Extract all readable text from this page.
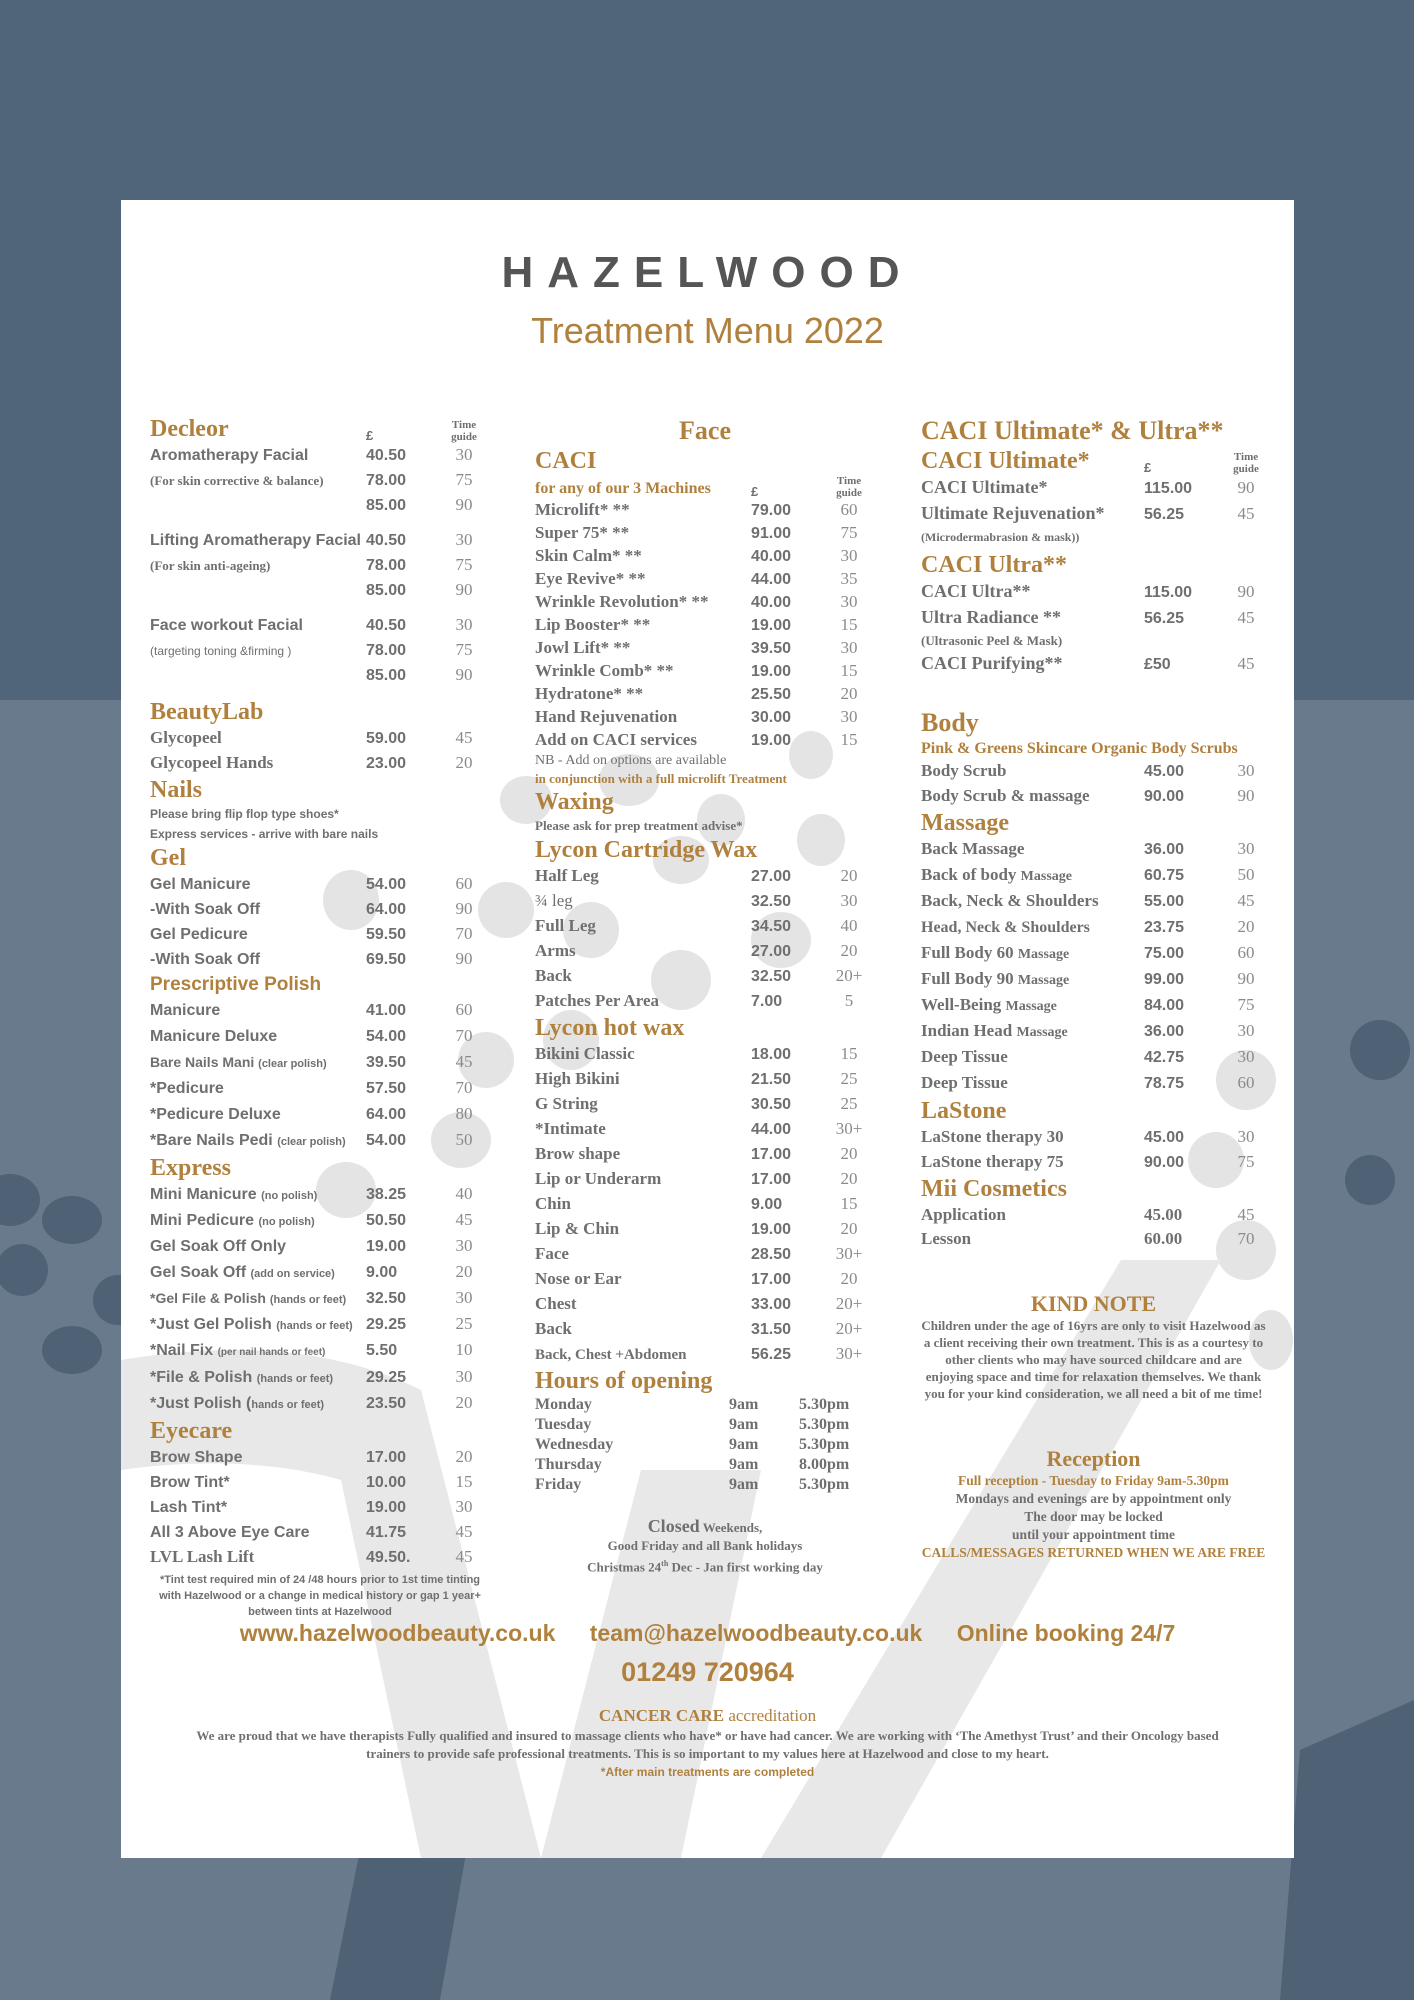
HAZELWOOD
Treatment Menu 2022
Decleor	£
Time
guide
Aromatherapy Facial	40.50	30
(For skin corrective & balance)	78.00	75
85.00	90
Lifting Aromatherapy Facial 40.50	30
(For skin anti-ageing)	78.00	75
85.00	90
Face workout Facial	40.50	30
(targeting toning &firming )	78.00	75
85.00	90
BeautyLab
Glycopeel	59.00	45
Glycopeel Hands	23.00	20
Nails
Please bring flip flop type shoes*
Express services - arrive with bare nails
Gel
Gel Manicure	54.00	60
-With Soak Off	64.00	90
Gel Pedicure	59.50	70
-With Soak Off	69.50	90
Prescriptive Polish
Manicure	41.00	60
Manicure Deluxe	54.00	70
Bare Nails Mani (clear polish)	39.50	45
*Pedicure	57.50	70
*Pedicure Deluxe	64.00	80
*Bare Nails Pedi (clear polish)	54.00	50
Express
Mini Manicure (no polish)	38.25	40
Mini Pedicure (no polish)	50.50	45
Gel Soak Off Only	19.00	30
Gel Soak Off (add on service)	9.00	20
*Gel File & Polish (hands or feet)	32.50	30
*Just Gel Polish (hands or feet) 29.25	25
*Nail Fix (per nail hands or feet)	5.50	10
*File & Polish (hands or feet)	29.25	30
*Just Polish (hands or feet)	23.50	20
Eyecare
Brow Shape	17.00	20
Brow Tint*	10.00	15
Lash Tint*	19.00	30
All 3 Above Eye Care	41.75	45
LVL Lash Lift	49.50.	45
*Tint test required min of 24 /48 hours prior to 1st time tinting with Hazelwood or a change in medical history or gap 1 year+ between tints at Hazelwood
Face
CACI
for any of our 3 Machines	£
Time
guide
Microlift* **	79.00	60
Super 75* **	91.00	75
Skin Calm* **	40.00	30
Eye Revive* **	44.00	35
Wrinkle Revolution* **	40.00	30
Lip Booster* **	19.00	15
Jowl Lift* **	39.50	30
Wrinkle Comb* **	19.00	15
Hydratone* **	25.50	20
Hand Rejuvenation	30.00	30
Add on CACI services	19.00	15
NB - Add on options are available
in conjunction with a full microlift Treatment
Waxing
Please ask for prep treatment advise*
Lycon Cartridge Wax
Half Leg	27.00	20
¾ leg	32.50	30
Full Leg	34.50	40
Arms	27.00	20
Back	32.50	20+
Patches Per Area	7.00	5
Lycon hot wax
Bikini Classic	18.00	15
High Bikini	21.50	25
G String	30.50	25
*Intimate	44.00	30+
Brow shape	17.00	20
Lip or Underarm	17.00	20
Chin	9.00	15
Lip & Chin	19.00	20
Face	28.50	30+
Nose or Ear	17.00	20
Chest	33.00	20+
Back	31.50	20+
Back, Chest +Abdomen	56.25	30+
Hours of opening
Monday	9am	5.30pm
Tuesday	9am	5.30pm
Wednesday	9am	5.30pm
Thursday	9am	8.00pm
Friday	9am	5.30pm
Closed Weekends,
Good Friday and all Bank holidays
Christmas 24th Dec - Jan first working day
CACI Ultimate* & Ultra**
CACI Ultimate*	£
Time
guide
CACI Ultimate*	115.00	90
Ultimate Rejuvenation*	56.25	45
(Microdermabrasion & mask))
CACI Ultra**
CACI Ultra**	115.00	90
Ultra Radiance **	56.25	45
(Ultrasonic Peel & Mask)
CACI Purifying**	£50	45
Body
Pink & Greens Skincare Organic Body Scrubs
Body Scrub	45.00	30
Body Scrub & massage	90.00	90
Massage
Back Massage	36.00	30
Back of body Massage	60.75	50
Back, Neck & Shoulders	55.00	45
Head, Neck & Shoulders	23.75	20
Full Body 60 Massage	75.00	60
Full Body 90 Massage	99.00	90
Well-Being Massage	84.00	75
Indian Head Massage	36.00	30
Deep Tissue	42.75	30
Deep Tissue	78.75	60
LaStone
LaStone therapy 30	45.00	30
LaStone therapy 75	90.00	75
Mii Cosmetics
Application	45.00	45
Lesson	60.00	70
KIND NOTE
Children under the age of 16yrs are only to visit Hazelwood as a client receiving their own treatment. This is as a courtesy to other clients who may have sourced childcare and are enjoying space and time for relaxation themselves. We thank you for your kind consideration, we all need a bit of me time!
Reception
Full reception - Tuesday to Friday 9am-5.30pm
Mondays and evenings are by appointment only
The door may be locked
until your appointment time
CALLS/MESSAGES RETURNED WHEN WE ARE FREE
www.hazelwoodbeauty.co.uk team@hazelwoodbeauty.co.uk Online booking 24/7
01249 720964
CANCER CARE accreditation
We are proud that we have therapists Fully qualified and insured to massage clients who have* or have had cancer. We are working with ‘The Amethyst Trust’ and their Oncology based trainers to provide safe professional treatments. This is so important to my values here at Hazelwood and close to my heart.
*After main treatments are completed
